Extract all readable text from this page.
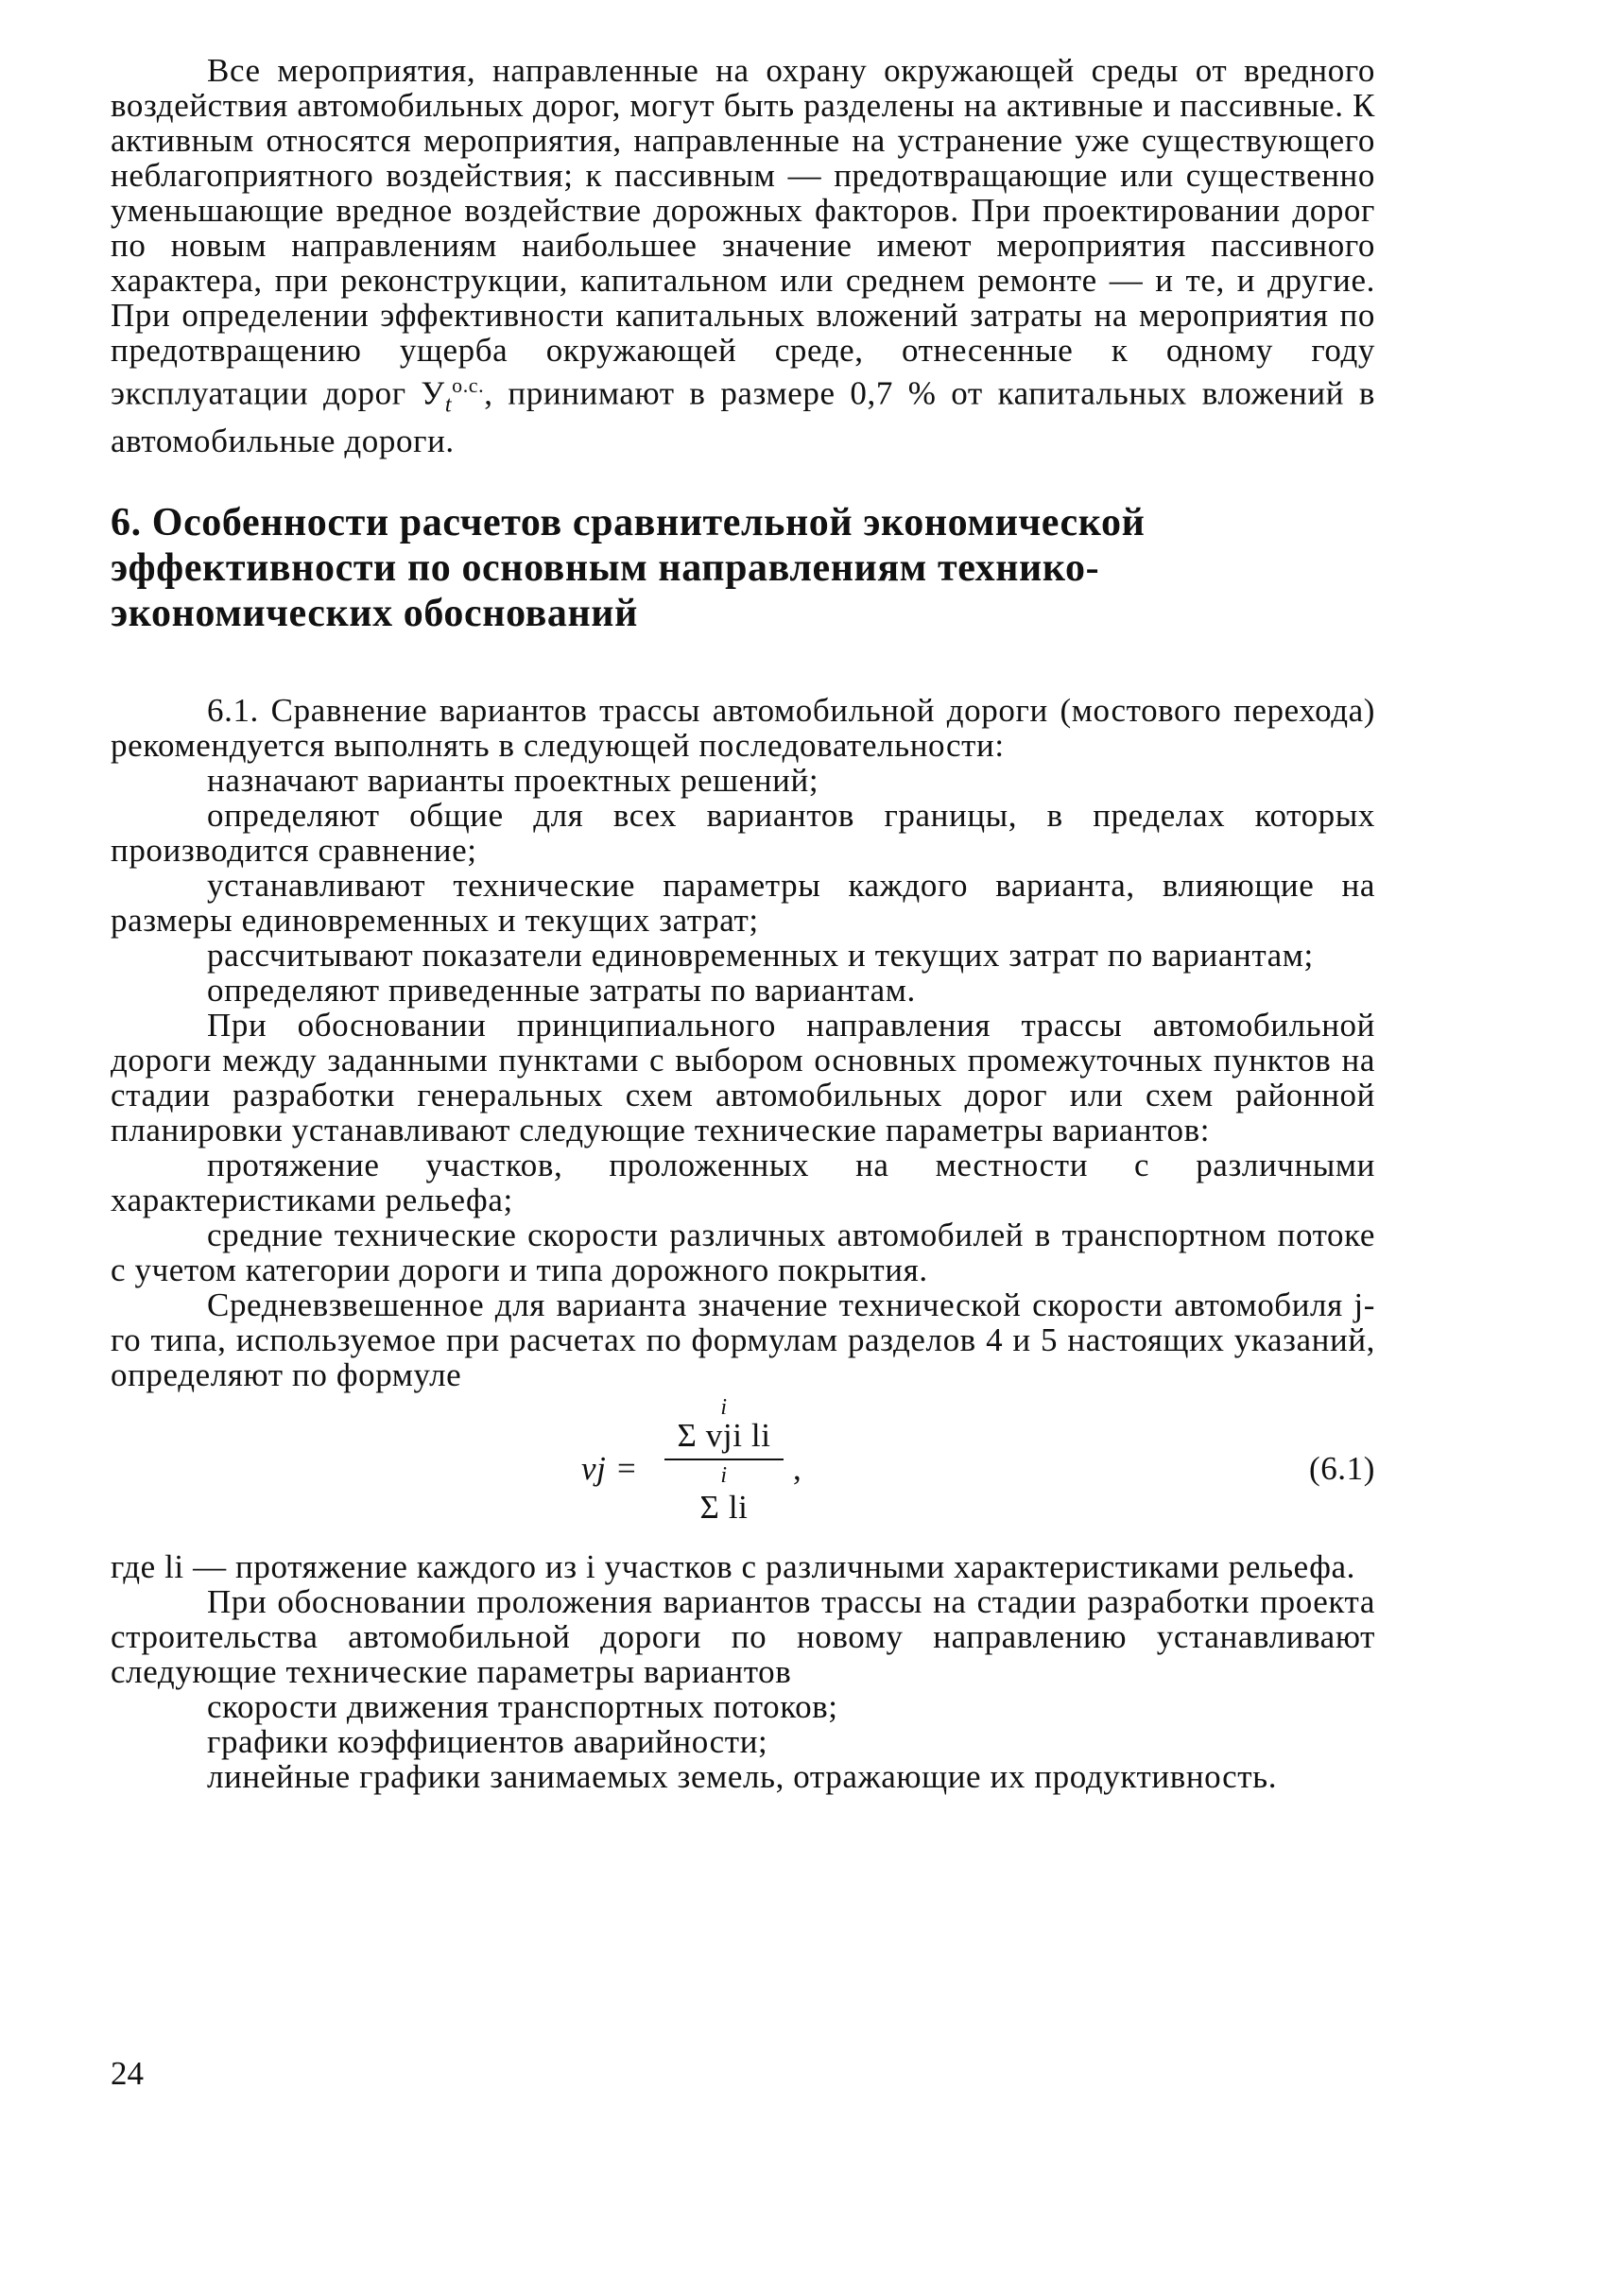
Все мероприятия, направленные на охрану окружающей среды от вредного воздействия автомобильных дорог, могут быть разделены на активные и пассивные. К активным относятся мероприятия, направленные на устранение уже существующего неблагоприятного воздействия; к пассивным — предотвращающие или существенно уменьшающие вредное воздействие дорожных факторов. При проектировании дорог по новым направлениям наибольшее значение имеют мероприятия пассивного характера, при реконструкции, капитальном или среднем ремонте — и те, и другие. При определении эффективности капитальных вложений затраты на мероприятия по предотвращению ущерба окружающей среде, отнесенные к одному году эксплуатации дорог $У_t^{о.с.}$, принимают в размере 0,7 % от капитальных вложений в автомобильные дороги.

6. Особенности расчетов сравнительной экономической эффективности по основным направлениям технико-экономических обоснований

6.1. Сравнение вариантов трассы автомобильной дороги (мостового перехода) рекомендуется выполнять в следующей последовательности:

назначают варианты проектных решений;

определяют общие для всех вариантов границы, в пределах которых производится сравнение;

устанавливают технические параметры каждого варианта, влияющие на размеры единовременных и текущих затрат;

рассчитывают показатели единовременных и текущих затрат по вариантам;

определяют приведенные затраты по вариантам.

При обосновании принципиального направления трассы автомобильной дороги между заданными пунктами с выбором основных промежуточных пунктов на стадии разработки генеральных схем автомобильных дорог или схем районной планировки устанавливают следующие технические параметры вариантов:

протяжение участков, проложенных на местности с различными характеристиками рельефа;

средние технические скорости различных автомобилей в транспортном потоке с учетом категории дороги и типа дорожного покрытия.

Средневзвешенное для варианта значение технической скорости автомобиля j-го типа, используемое при расчетах по формулам разделов 4 и 5 настоящих указаний, определяют по формуле

vj =
i
Σ vji li
i
Σ li
,	(6.1)

где li — протяжение каждого из i участков с различными характеристиками рельефа.

При обосновании проложения вариантов трассы на стадии разработки проекта строительства автомобильной дороги по новому направлению устанавливают следующие технические параметры вариантов

скорости движения транспортных потоков;

графики коэффициентов аварийности;

линейные графики занимаемых земель, отражающие их продуктивность.

24
